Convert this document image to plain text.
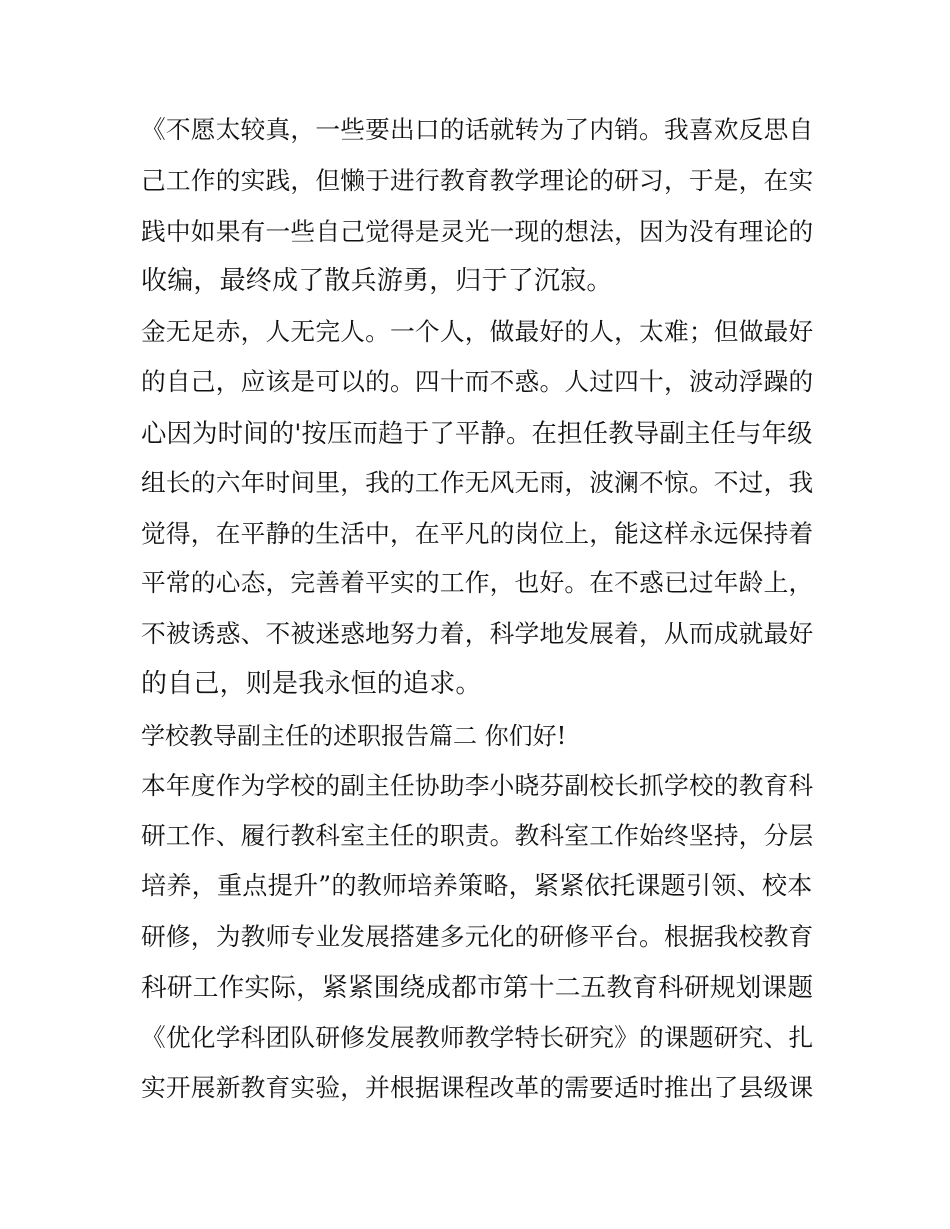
《不愿太较真，一些要出口的话就转为了内销。我喜欢反思自
己工作的实践，但懒于进行教育教学理论的研习，于是，在实
践中如果有一些自己觉得是灵光一现的想法，因为没有理论的
收编，最终成了散兵游勇，归于了沉寂。
金无足赤，人无完人。一个人，做最好的人，太难；但做最好
的自己，应该是可以的。四十而不惑。人过四十，波动浮躁的
心因为时间的'按压而趋于了平静。在担任教导副主任与年级
组长的六年时间里，我的工作无风无雨，波澜不惊。不过，我
觉得，在平静的生活中，在平凡的岗位上，能这样永远保持着
平常的心态，完善着平实的工作，也好。在不惑已过年龄上，
不被诱惑、不被迷惑地努力着，科学地发展着，从而成就最好
的自己，则是我永恒的追求。
学校教导副主任的述职报告篇二 你们好!
本年度作为学校的副主任协助李小晓芬副校长抓学校的教育科
研工作、履行教科室主任的职责。教科室工作始终坚持，分层
培养，重点提升”的教师培养策略，紧紧依托课题引领、校本
研修，为教师专业发展搭建多元化的研修平台。根据我校教育
科研工作实际，紧紧围绕成都市第十二五教育科研规划课题
《优化学科团队研修发展教师教学特长研究》的课题研究、扎
实开展新教育实验，并根据课程改革的需要适时推出了县级课
